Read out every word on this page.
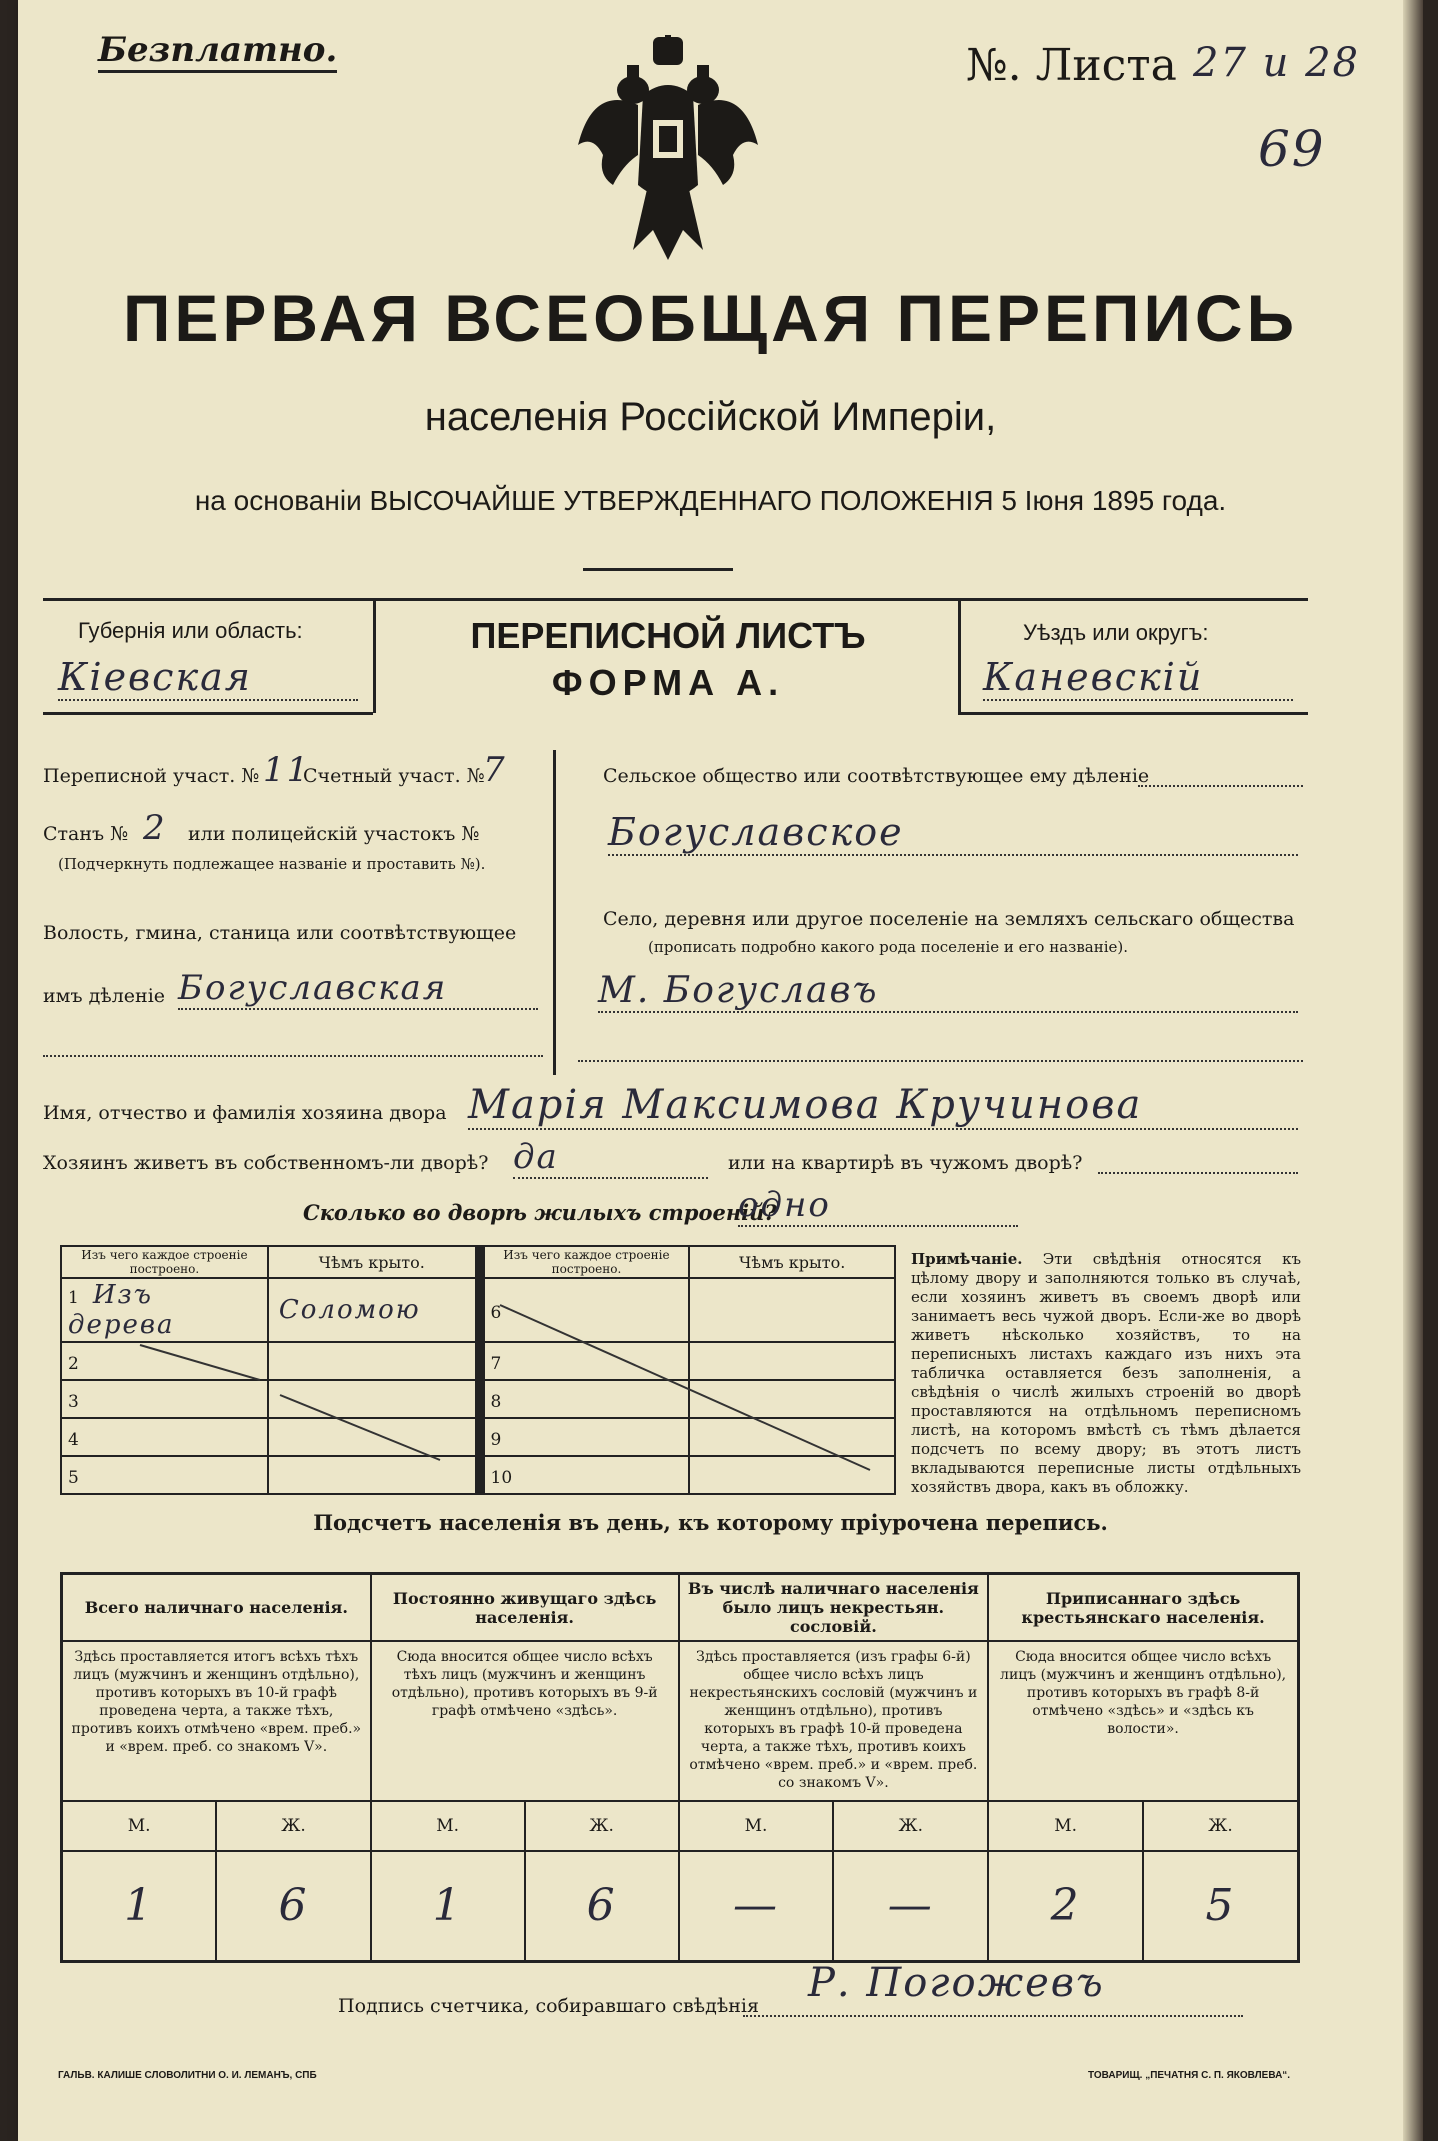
Безплатно.	№. Листа 27 и 28
69
ПЕРВАЯ ВСЕОБЩАЯ ПЕРЕПИСЬ
населенія Россійской Имперіи,
на основаніи ВЫСОЧАЙШЕ УТВЕРЖДЕННАГО ПОЛОЖЕНІЯ 5 Іюня 1895 года.
Губернія или область:
Кіевская
ПЕРЕПИСНОЙ ЛИСТЪ
ФОРМА А.
Уѣздъ или округъ:
Каневскій
Переписной участ. № 11
Счетный участ. №
7
Станъ № 2 или полицейскій участокъ №
(Подчеркнуть подлежащее названіе и проставить №).
Волость, гмина, станица или соотвѣтствующее
имъ дѣленіе Богуславская
Сельское общество или соотвѣтствующее ему дѣленіе
Богуславское
Село, деревня или другое поселеніе на земляхъ сельскаго общества
(прописать подробно какого рода поселеніе и его названіе).
М. Богуславъ
Имя, отчество и фамилія хозяина двора Марія Максимова Кручинова
Хозяинъ живетъ въ собственномъ-ли дворѣ? да	или на квартирѣ въ чужомъ дворѣ?
Сколько во дворѣ жилыхъ строеній?
одно
Изъ чего каждое строеніе построено.	Чѣмъ крыто.		Изъ чего каждое строеніе построено.	Чѣмъ крыто.
1 Изъ дерева	Соломою		6	
2			7	
3			8	
4			9	
5			10	
Примѣчаніе. Эти свѣдѣнія относятся къ цѣлому двору и заполняются только въ случаѣ, если хозяинъ живетъ въ своемъ дворѣ или занимаетъ весь чужой дворъ. Если-же во дворѣ живетъ нѣсколько хозяйствъ, то на переписныхъ листахъ каждаго изъ нихъ эта табличка оставляется безъ заполненія, а свѣдѣнія о числѣ жилыхъ строеній во дворѣ проставляются на отдѣльномъ переписномъ листѣ, на которомъ вмѣстѣ съ тѣмъ дѣлается подсчетъ по всему двору; въ этотъ листъ вкладываются переписные листы отдѣльныхъ хозяйствъ двора, какъ въ обложку.
Подсчетъ населенія въ день, къ которому пріурочена перепись.
Всего наличнаго населенія.		Постоянно живущаго здѣсь населенія.		Въ числѣ наличнаго населенія было лицъ некрестьян. сословій.		Приписаннаго здѣсь крестьянскаго населенія.	
Здѣсь проставляется итогъ всѣхъ тѣхъ лицъ (мужчинъ и женщинъ отдѣльно), противъ которыхъ въ 10-й графѣ проведена черта, а также тѣхъ, противъ коихъ отмѣчено «врем. преб.» и «врем. преб. со знакомъ V».		Сюда вносится общее число всѣхъ тѣхъ лицъ (мужчинъ и женщинъ отдѣльно), противъ которыхъ въ 9-й графѣ отмѣчено «здѣсь».		Здѣсь проставляется (изъ графы 6-й) общее число всѣхъ лицъ некрестьянскихъ сословій (мужчинъ и женщинъ отдѣльно), противъ которыхъ въ графѣ 10-й проведена черта, а также тѣхъ, противъ коихъ отмѣчено «врем. преб.» и «врем. преб. со знакомъ V».		Сюда вносится общее число всѣхъ лицъ (мужчинъ и женщинъ отдѣльно), противъ которыхъ въ графѣ 8-й отмѣчено «здѣсь» и «здѣсь къ волости».	
М.	Ж.	М.	Ж.	М.	Ж.	М.	Ж.
1	6	1	6	—	—	2	5
Подпись счетчика, собиравшаго свѣдѣнія Р. Погожевъ
ГАЛЬВ. КАЛИШЕ СЛОВОЛИТНИ О. И. ЛЕМАНЪ, СПБ	ТОВАРИЩ. „ПЕЧАТНЯ С. П. ЯКОВЛЕВА“.
